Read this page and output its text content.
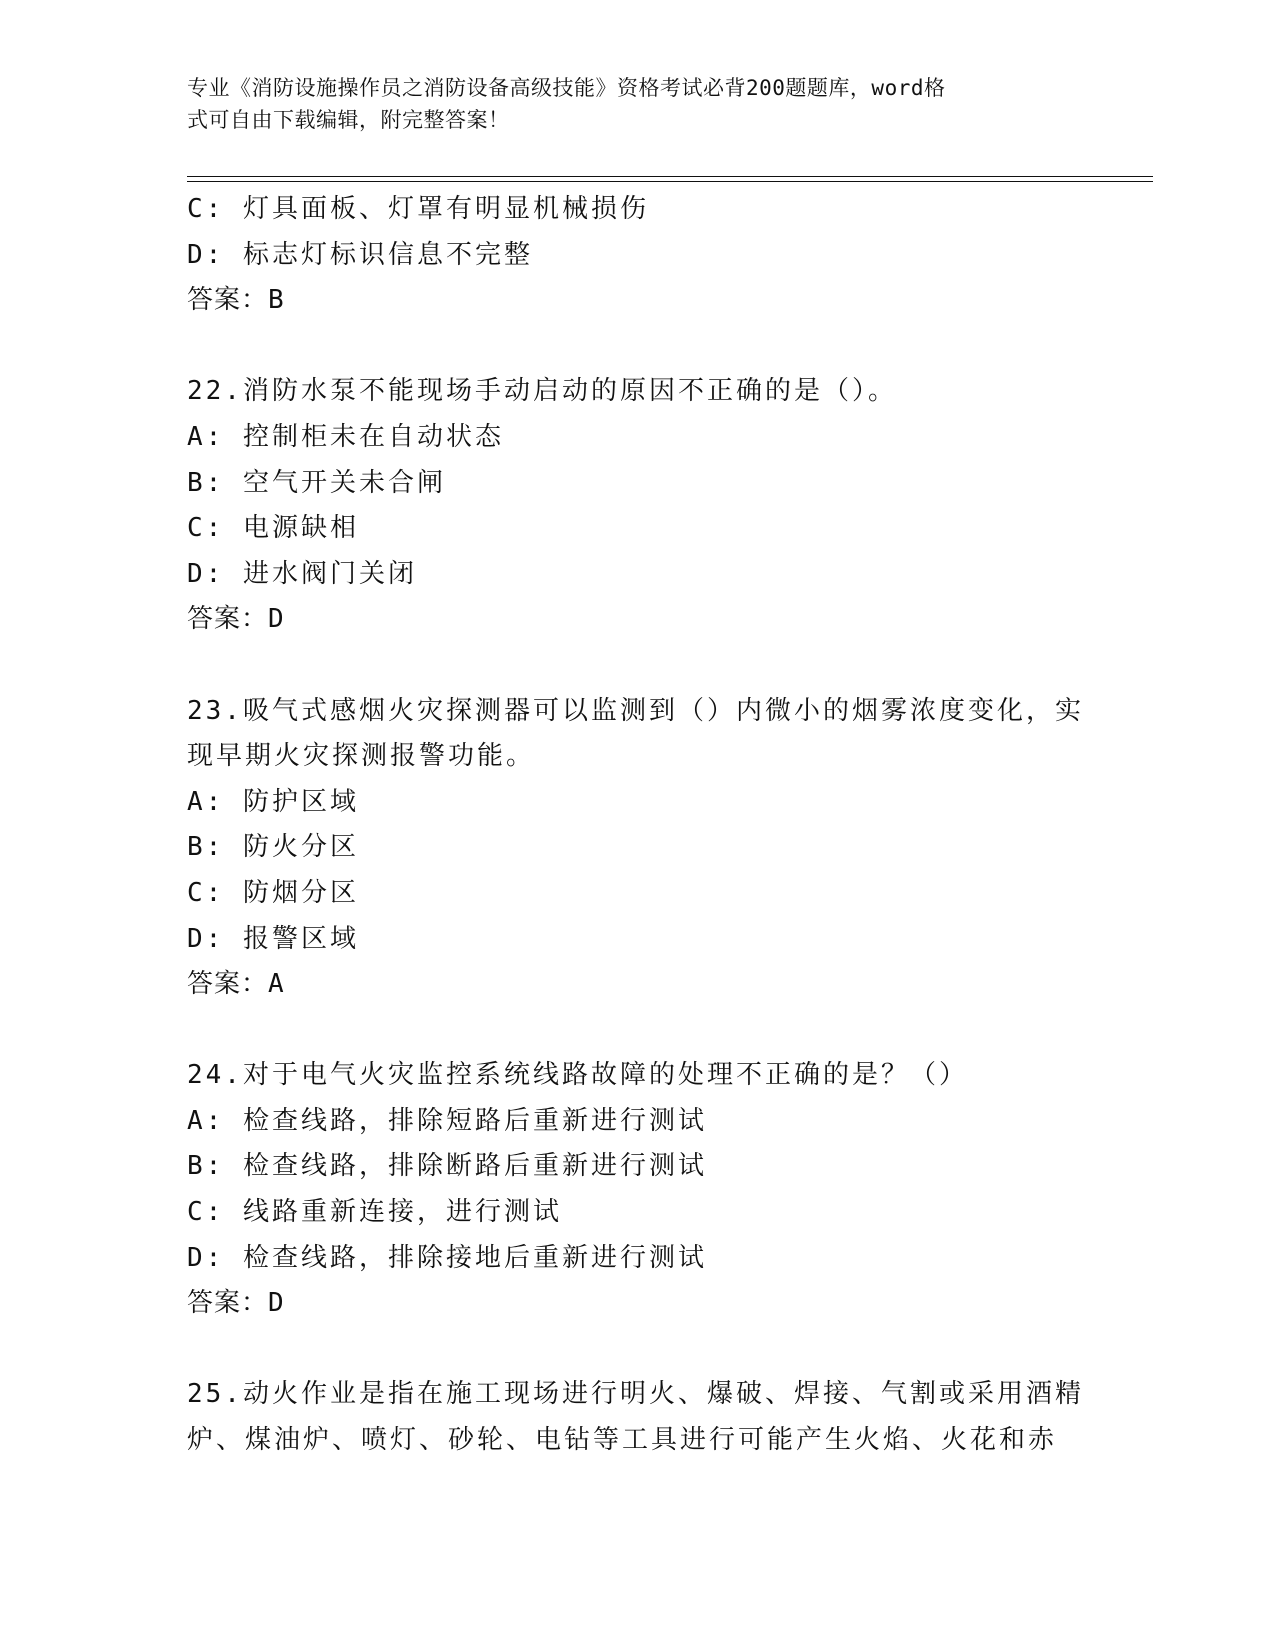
专业《消防设施操作员之消防设备高级技能》资格考试必背200题题库，word格
式可自由下载编辑，附完整答案！
C: 灯具面板、灯罩有明显机械损伤
D: 标志灯标识信息不完整
答案：B
22.消防水泵不能现场手动启动的原因不正确的是（）。
A: 控制柜未在自动状态
B: 空气开关未合闸
C: 电源缺相
D: 进水阀门关闭
答案：D
23.吸气式感烟火灾探测器可以监测到（）内微小的烟雾浓度变化，实
现早期火灾探测报警功能。
A: 防护区域
B: 防火分区
C: 防烟分区
D: 报警区域
答案：A
24.对于电气火灾监控系统线路故障的处理不正确的是？（）
A: 检查线路，排除短路后重新进行测试
B: 检查线路，排除断路后重新进行测试
C: 线路重新连接，进行测试
D: 检查线路，排除接地后重新进行测试
答案：D
25.动火作业是指在施工现场进行明火、爆破、焊接、气割或采用酒精
炉、煤油炉、喷灯、砂轮、电钻等工具进行可能产生火焰、火花和赤
